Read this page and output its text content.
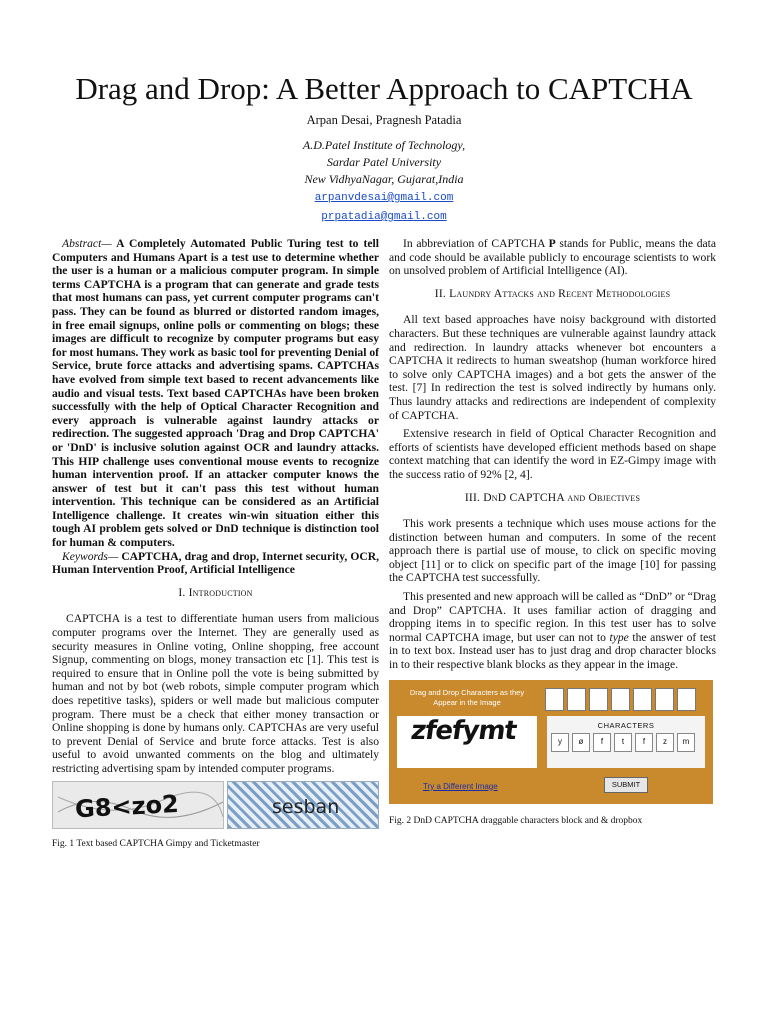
Drag and Drop: A Better Approach to CAPTCHA
Arpan Desai, Pragnesh Patadia
A.D.Patel Institute of Technology,
Sardar Patel University
New VidhyaNagar, Gujarat,India
arpanvdesai@gmail.com
prpatadia@gmail.com

Abstract— A Completely Automated Public Turing test to tell Computers and Humans Apart is a test use to determine whether the user is a human or a malicious computer program. In simple terms CAPTCHA is a program that can generate and grade tests that most humans can pass, yet current computer programs can't pass. They can be found as blurred or distorted random images, in free email signups, online polls or commenting on blogs; these images are difficult to recognize by computer programs but easy for most humans. They work as basic tool for preventing Denial of Service, brute force attacks and advertising spams. CAPTCHAs have evolved from simple text based to recent advancements like audio and visual tests. Text based CAPTCHAs have been broken successfully with the help of Optical Character Recognition and every approach is vulnerable against laundry attacks or redirection. The suggested approach 'Drag and Drop CAPTCHA' or 'DnD' is inclusive solution against OCR and laundry attacks. This HIP challenge uses conventional mouse events to recognize human intervention proof. If an attacker computer knows the answer of test but it can't pass this test without human intervention. This technique can be considered as an Artificial Intelligence challenge. It creates win-win situation either this tough AI problem gets solved or DnD technique is distinction tool for human & computers.

Keywords— CAPTCHA, drag and drop, Internet security, OCR, Human Intervention Proof, Artificial Intelligence

I. Introduction

CAPTCHA is a test to differentiate human users from malicious computer programs over the Internet. They are generally used as security measures in Online voting, Online shopping, free account Signup, commenting on blogs, money transaction etc [1]. This test is required to ensure that in Online poll the vote is being submitted by human and not by bot (web robots, simple computer program which does repetitive tasks), spiders or well made but malicious computer program. There must be a check that either money transaction or Online shopping is done by humans only. CAPTCHAs are very useful to prevent Denial of Service and brute force attacks. Test is also useful to avoid unwanted comments on the blog and ultimately restricting advertising spam by intended computer programs.

G8<zo2	sesban
Fig. 1 Text based CAPTCHA Gimpy and Ticketmaster

In abbreviation of CAPTCHA P stands for Public, means the data and code should be available publicly to encourage scientists to work on unsolved problem of Artificial Intelligence (AI).

II. Laundry Attacks and Recent Methodologies

All text based approaches have noisy background with distorted characters. But these techniques are vulnerable against laundry attack and redirection. In laundry attacks whenever bot encounters a CAPTCHA it redirects to human sweatshop (human workforce hired to solve only CAPTCHA images) and a bot gets the answer of the test. [7] In redirection the test is solved indirectly by humans only. Thus laundry attacks and redirections are independent of complexity of CAPTCHA.

Extensive research in field of Optical Character Recognition and efforts of scientists have developed efficient methods based on shape context matching that can identify the word in EZ-Gimpy image with the success ratio of 92% [2, 4].

III. DnD CAPTCHA and Objectives

This work presents a technique which uses mouse actions for the distinction between human and computers. In some of the recent approach there is partial use of mouse, to click on specific moving object [11] or to click on specific part of the image [10] for passing the CAPTCHA test successfully.

This presented and new approach will be called as “DnD” or “Drag and Drop” CAPTCHA. It uses familiar action of dragging and dropping items in to specific region. In this test user has to solve normal CAPTCHA image, but user can not to type the answer of test in to text box. Instead user has to just drag and drop character blocks in to their respective blank blocks as they appear in the image.

Drag and Drop Characters as they Appear in the Image
zfefymt	CHARACTERS
y	ø	f	t	f	z	m
Try a Different Image	SUBMIT
Fig. 2 DnD CAPTCHA draggable characters block and & dropbox
